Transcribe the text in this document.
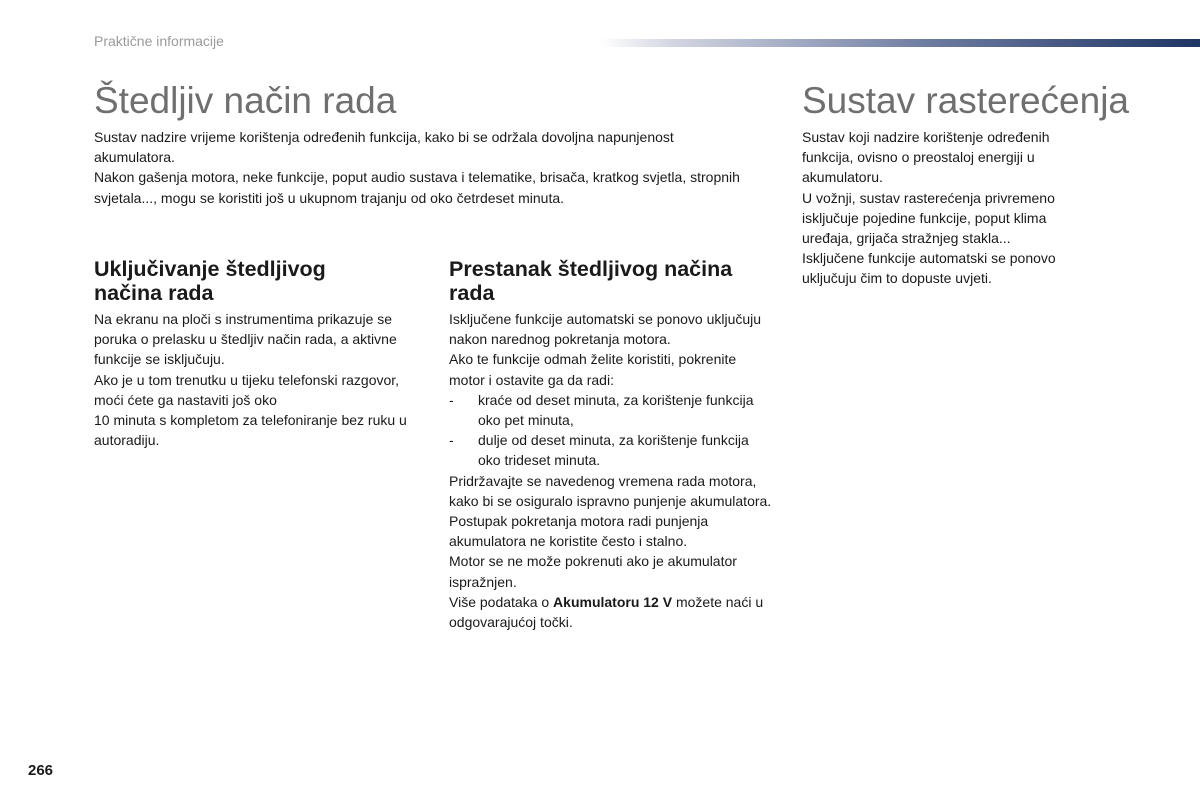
Praktične informacije
Štedljiv način rada

Sustav nadzire vrijeme korištenja određenih funkcija, kako bi se održala dovoljna napunjenost akumulatora.

Nakon gašenja motora, neke funkcije, poput audio sustava i telematike, brisača, kratkog svjetla, stropnih svjetala..., mogu se koristiti još u ukupnom trajanju od oko četrdeset minuta.

Uključivanje štedljivog načina rada

Na ekranu na ploči s instrumentima prikazuje se poruka o prelasku u štedljiv način rada, a aktivne funkcije se isključuju.

Ako je u tom trenutku u tijeku telefonski razgovor, moći ćete ga nastaviti još oko

10 minuta s kompletom za telefoniranje bez ruku u autoradiju.

Prestanak štedljivog načina rada

Isključene funkcije automatski se ponovo uključuju nakon narednog pokretanja motora.

Ako te funkcije odmah želite koristiti, pokrenite motor i ostavite ga da radi:

- kraće od deset minuta, za korištenje funkcija oko pet minuta,

- dulje od deset minuta, za korištenje funkcija oko trideset minuta.

Pridržavajte se navedenog vremena rada motora, kako bi se osiguralo ispravno punjenje akumulatora.

Postupak pokretanja motora radi punjenja akumulatora ne koristite često i stalno.

Motor se ne može pokrenuti ako je akumulator ispražnjen.

Više podataka o Akumulatoru 12 V možete naći u odgovarajućoj točki.

Sustav rasterećenja

Sustav koji nadzire korištenje određenih funkcija, ovisno o preostaloj energiji u akumulatoru.

U vožnji, sustav rasterećenja privremeno isključuje pojedine funkcije, poput klima uređaja, grijača stražnjeg stakla...

Isključene funkcije automatski se ponovo uključuju čim to dopuste uvjeti.

266
